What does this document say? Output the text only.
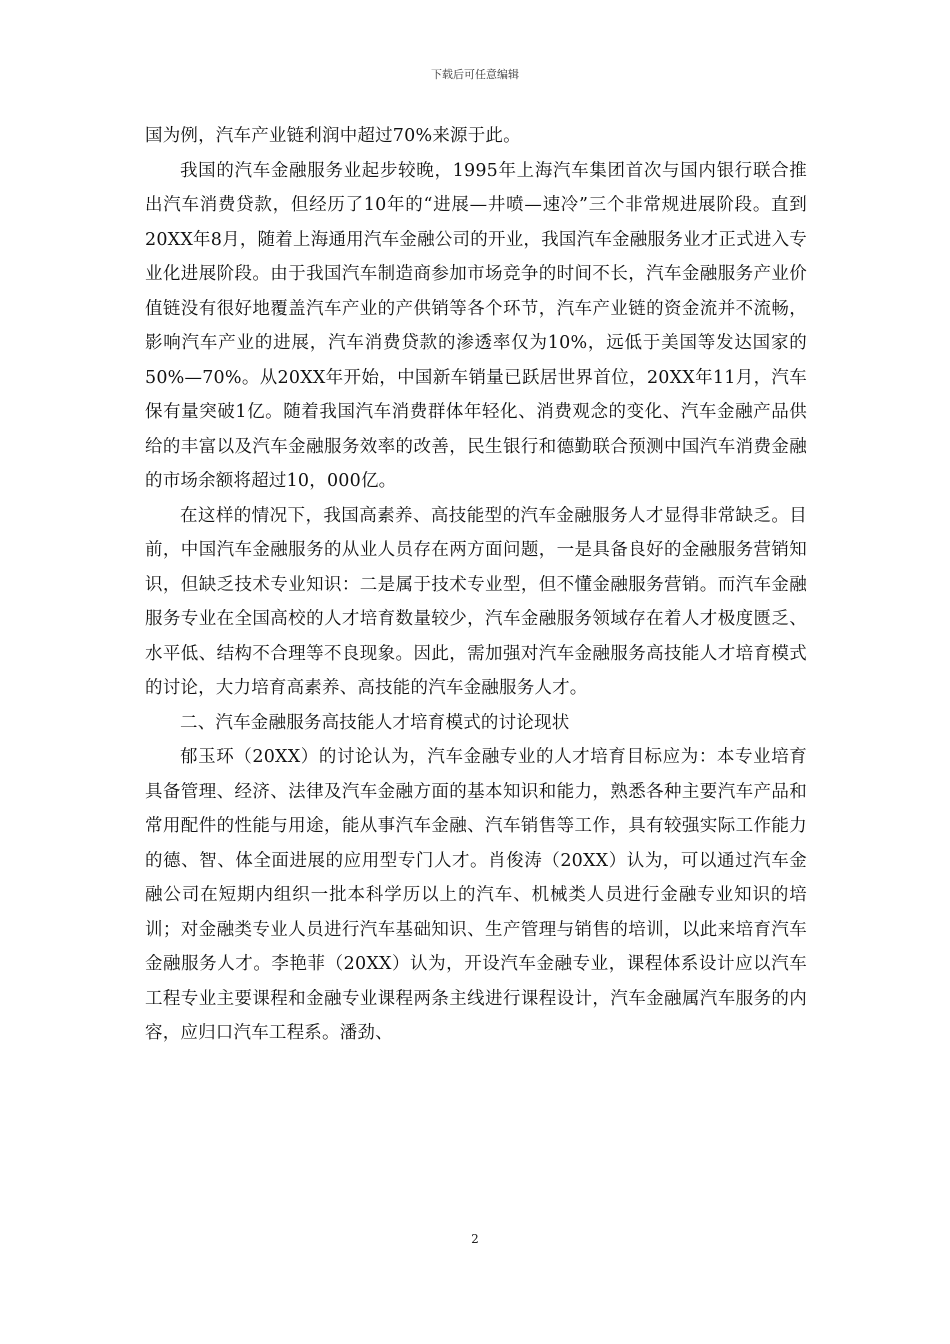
下载后可任意编辑

国为例，汽车产业链利润中超过70%来源于此。

我国的汽车金融服务业起步较晚，1995年上海汽车集团首次与国内银行联合推出汽车消费贷款，但经历了10年的“进展—井喷—速冷”三个非常规进展阶段。直到20XX年8月，随着上海通用汽车金融公司的开业，我国汽车金融服务业才正式进入专业化进展阶段。由于我国汽车制造商参加市场竞争的时间不长，汽车金融服务产业价值链没有很好地覆盖汽车产业的产供销等各个环节，汽车产业链的资金流并不流畅，影响汽车产业的进展，汽车消费贷款的渗透率仅为10%，远低于美国等发达国家的50%—70%。从20XX年开始，中国新车销量已跃居世界首位，20XX年11月，汽车保有量突破1亿。随着我国汽车消费群体年轻化、消费观念的变化、汽车金融产品供给的丰富以及汽车金融服务效率的改善，民生银行和德勤联合预测中国汽车消费金融的市场余额将超过10，000亿。

在这样的情况下，我国高素养、高技能型的汽车金融服务人才显得非常缺乏。目前，中国汽车金融服务的从业人员存在两方面问题，一是具备良好的金融服务营销知识，但缺乏技术专业知识：二是属于技术专业型，但不懂金融服务营销。而汽车金融服务专业在全国高校的人才培育数量较少，汽车金融服务领域存在着人才极度匮乏、水平低、结构不合理等不良现象。因此，需加强对汽车金融服务高技能人才培育模式的讨论，大力培育高素养、高技能的汽车金融服务人才。

二、汽车金融服务高技能人才培育模式的讨论现状

郁玉环（20XX）的讨论认为，汽车金融专业的人才培育目标应为：本专业培育具备管理、经济、法律及汽车金融方面的基本知识和能力，熟悉各种主要汽车产品和常用配件的性能与用途，能从事汽车金融、汽车销售等工作，具有较强实际工作能力的德、智、体全面进展的应用型专门人才。肖俊涛（20XX）认为，可以通过汽车金融公司在短期内组织一批本科学历以上的汽车、机械类人员进行金融专业知识的培训；对金融类专业人员进行汽车基础知识、生产管理与销售的培训，以此来培育汽车金融服务人才。李艳菲（20XX）认为，开设汽车金融专业，课程体系设计应以汽车工程专业主要课程和金融专业课程两条主线进行课程设计，汽车金融属汽车服务的内容，应归口汽车工程系。潘劲、

2
